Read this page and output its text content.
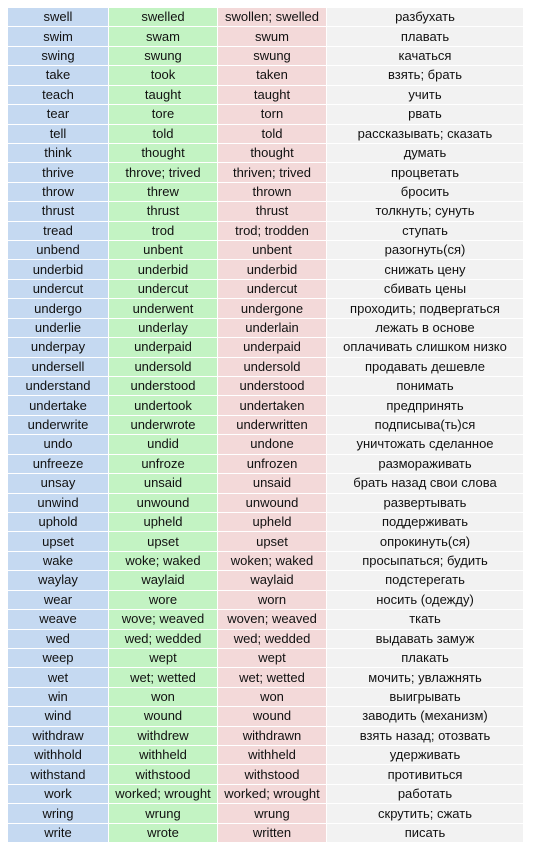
swell	swelled	swollen; swelled	разбухать
swim	swam	swum	плавать
swing	swung	swung	качаться
take	took	taken	взять; брать
teach	taught	taught	учить
tear	tore	torn	рвать
tell	told	told	рассказывать; сказать
think	thought	thought	думать
thrive	throve; trived	thriven; trived	процветать
throw	threw	thrown	бросить
thrust	thrust	thrust	толкнуть; сунуть
tread	trod	trod; trodden	ступать
unbend	unbent	unbent	разогнуть(ся)
underbid	underbid	underbid	снижать цену
undercut	undercut	undercut	сбивать цены
undergo	underwent	undergone	проходить; подвергаться
underlie	underlay	underlain	лежать в основе
underpay	underpaid	underpaid	оплачивать слишком низко
undersell	undersold	undersold	продавать дешевле
understand	understood	understood	понимать
undertake	undertook	undertaken	предпринять
underwrite	underwrote	underwritten	подписыва(ть)ся
undo	undid	undone	уничтожать сделанное
unfreeze	unfroze	unfrozen	размораживать
unsay	unsaid	unsaid	брать назад свои слова
unwind	unwound	unwound	развертывать
uphold	upheld	upheld	поддерживать
upset	upset	upset	опрокинуть(ся)
wake	woke; waked	woken; waked	просыпаться; будить
waylay	waylaid	waylaid	подстерегать
wear	wore	worn	носить (одежду)
weave	wove; weaved	woven; weaved	ткать
wed	wed; wedded	wed; wedded	выдавать замуж
weep	wept	wept	плакать
wet	wet; wetted	wet; wetted	мочить; увлажнять
win	won	won	выигрывать
wind	wound	wound	заводить (механизм)
withdraw	withdrew	withdrawn	взять назад; отозвать
withhold	withheld	withheld	удерживать
withstand	withstood	withstood	противиться
work	worked; wrought	worked; wrought	работать
wring	wrung	wrung	скрутить; сжать
write	wrote	written	писать
